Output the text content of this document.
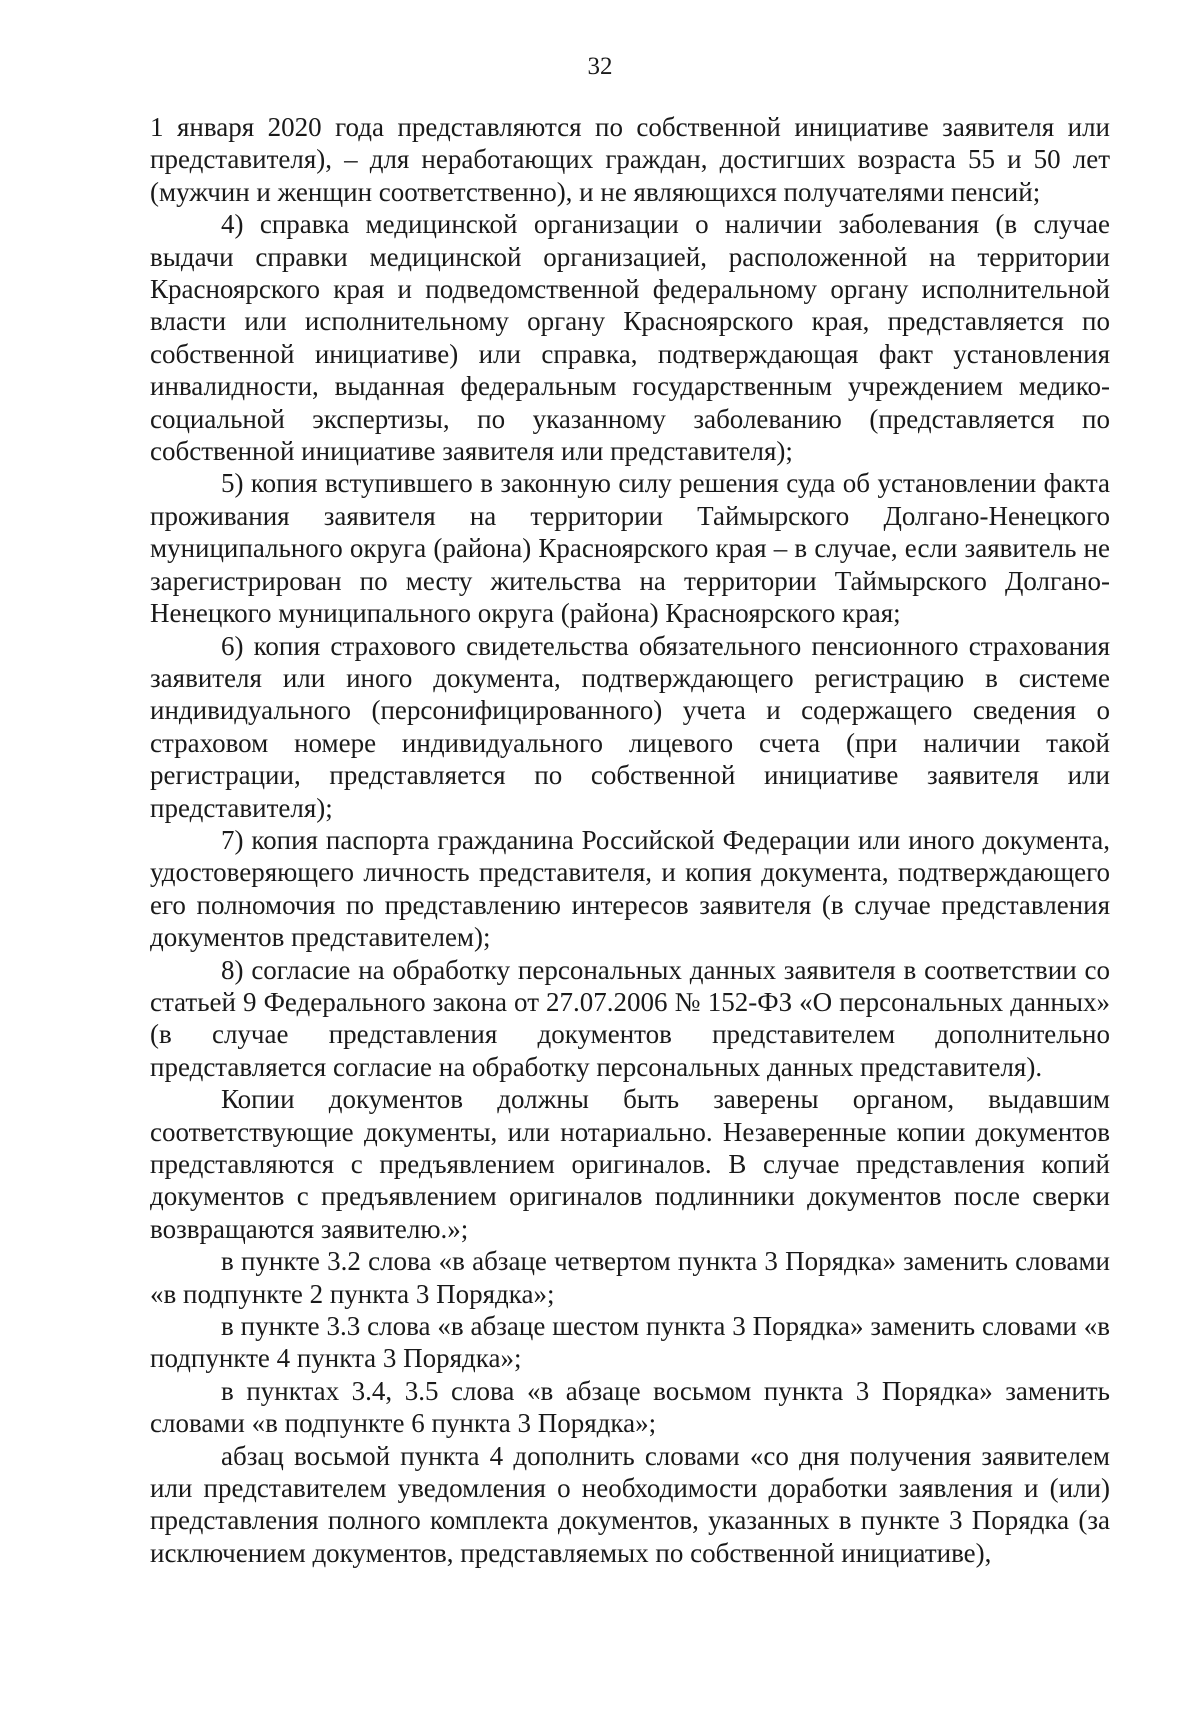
32

1 января 2020 года представляются по собственной инициативе заявителя или представителя), – для неработающих граждан, достигших возраста 55 и 50 лет (мужчин и женщин соответственно), и не являющихся получателями пенсий;

4) справка медицинской организации о наличии заболевания (в случае выдачи справки медицинской организацией, расположенной на территории Красноярского края и подведомственной федеральному органу исполнительной власти или исполнительному органу Красноярского края, представляется по собственной инициативе) или справка, подтверждающая факт установления инвалидности, выданная федеральным государственным учреждением медико-социальной экспертизы, по указанному заболеванию (представляется по собственной инициативе заявителя или представителя);

5) копия вступившего в законную силу решения суда об установлении факта проживания заявителя на территории Таймырского Долгано-Ненецкого муниципального округа (района) Красноярского края – в случае, если заявитель не зарегистрирован по месту жительства на территории Таймырского Долгано-Ненецкого муниципального округа (района) Красноярского края;

6) копия страхового свидетельства обязательного пенсионного страхования заявителя или иного документа, подтверждающего регистрацию в системе индивидуального (персонифицированного) учета и содержащего сведения о страховом номере индивидуального лицевого счета (при наличии такой регистрации, представляется по собственной инициативе заявителя или представителя);

7) копия паспорта гражданина Российской Федерации или иного документа, удостоверяющего личность представителя, и копия документа, подтверждающего его полномочия по представлению интересов заявителя (в случае представления документов представителем);

8) согласие на обработку персональных данных заявителя в соответствии со статьей 9 Федерального закона от 27.07.2006 № 152-ФЗ «О персональных данных» (в случае представления документов представителем дополнительно представляется согласие на обработку персональных данных представителя).

Копии документов должны быть заверены органом, выдавшим соответствующие документы, или нотариально. Незаверенные копии документов представляются с предъявлением оригиналов. В случае представления копий документов с предъявлением оригиналов подлинники документов после сверки возвращаются заявителю.»;

в пункте 3.2 слова «в абзаце четвертом пункта 3 Порядка» заменить словами «в подпункте 2 пункта 3 Порядка»;

в пункте 3.3 слова «в абзаце шестом пункта 3 Порядка» заменить словами «в подпункте 4 пункта 3 Порядка»;

в пунктах 3.4, 3.5 слова «в абзаце восьмом пункта 3 Порядка» заменить словами «в подпункте 6 пункта 3 Порядка»;

абзац восьмой пункта 4 дополнить словами «со дня получения заявителем или представителем уведомления о необходимости доработки заявления и (или) представления полного комплекта документов, указанных в пункте 3 Порядка (за исключением документов, представляемых по собственной инициативе),
